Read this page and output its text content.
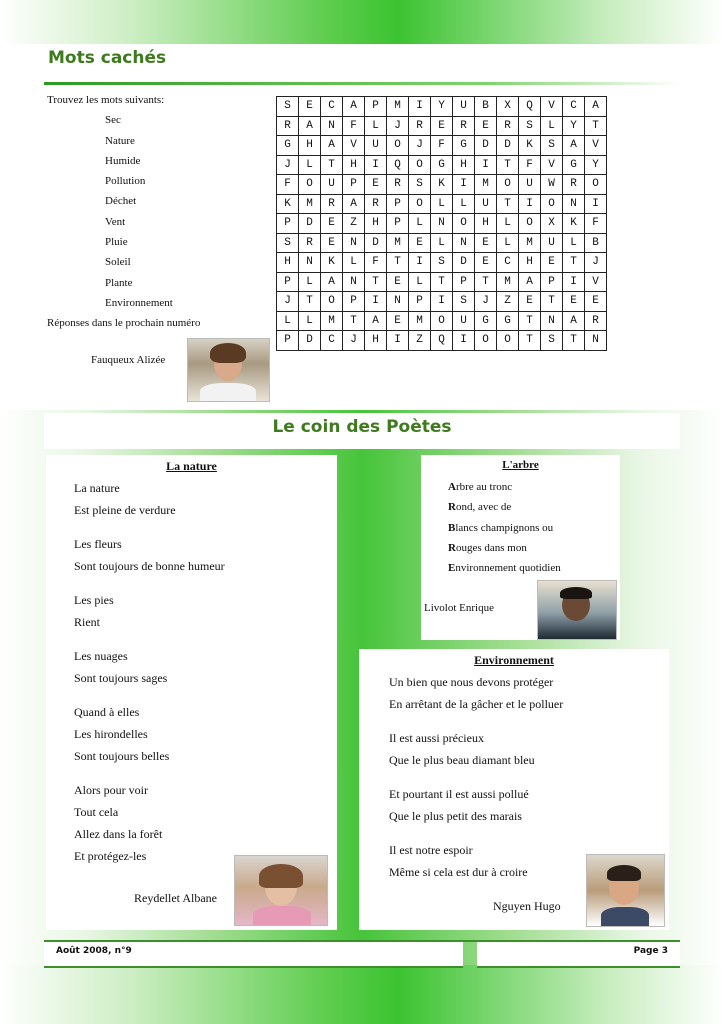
Mots cachés
Trouvez les mots suivants:
Sec
Nature
Humide
Pollution
Déchet
Vent
Pluie
Soleil
Plante
Environnement
Réponses dans le prochain numéro
Fauqueux Alizée
S	E	C	A	P	M	I	Y	U	B	X	Q	V	C	A
R	A	N	F	L	J	R	E	R	E	R	S	L	Y	T
G	H	A	V	U	O	J	F	G	D	D	K	S	A	V
J	L	T	H	I	Q	O	G	H	I	T	F	V	G	Y
F	O	U	P	E	R	S	K	I	M	O	U	W	R	O
K	M	R	A	R	P	O	L	L	U	T	I	O	N	I
P	D	E	Z	H	P	L	N	O	H	L	O	X	K	F
S	R	E	N	D	M	E	L	N	E	L	M	U	L	B
H	N	K	L	F	T	I	S	D	E	C	H	E	T	J
P	L	A	N	T	E	L	T	P	T	M	A	P	I	V
J	T	O	P	I	N	P	I	S	J	Z	E	T	E	E
L	L	M	T	A	E	M	O	U	G	G	T	N	A	R
P	D	C	J	H	I	Z	Q	I	O	O	T	S	T	N
Le coin des Poètes
La nature

La nature

Est pleine de verdure

Les fleurs

Sont toujours de bonne humeur

Les pies

Rient

Les nuages

Sont toujours sages

Quand à elles

Les hirondelles

Sont toujours belles

Alors pour voir

Tout cela

Allez dans la forêt

Et protégez-les

Reydellet Albane
L'arbre

Arbre au tronc

Rond, avec de

Blancs champignons ou

Rouges dans mon

Environnement quotidien

Livolot Enrique
Environnement

Un bien que nous devons protéger

En arrêtant de la gâcher et le polluer

Il est aussi précieux

Que le plus beau diamant bleu

Et pourtant il est aussi pollué

Que le plus petit des marais

Il est notre espoir

Même si cela est dur à croire

Nguyen Hugo
Août 2008, n°9	Page 3
